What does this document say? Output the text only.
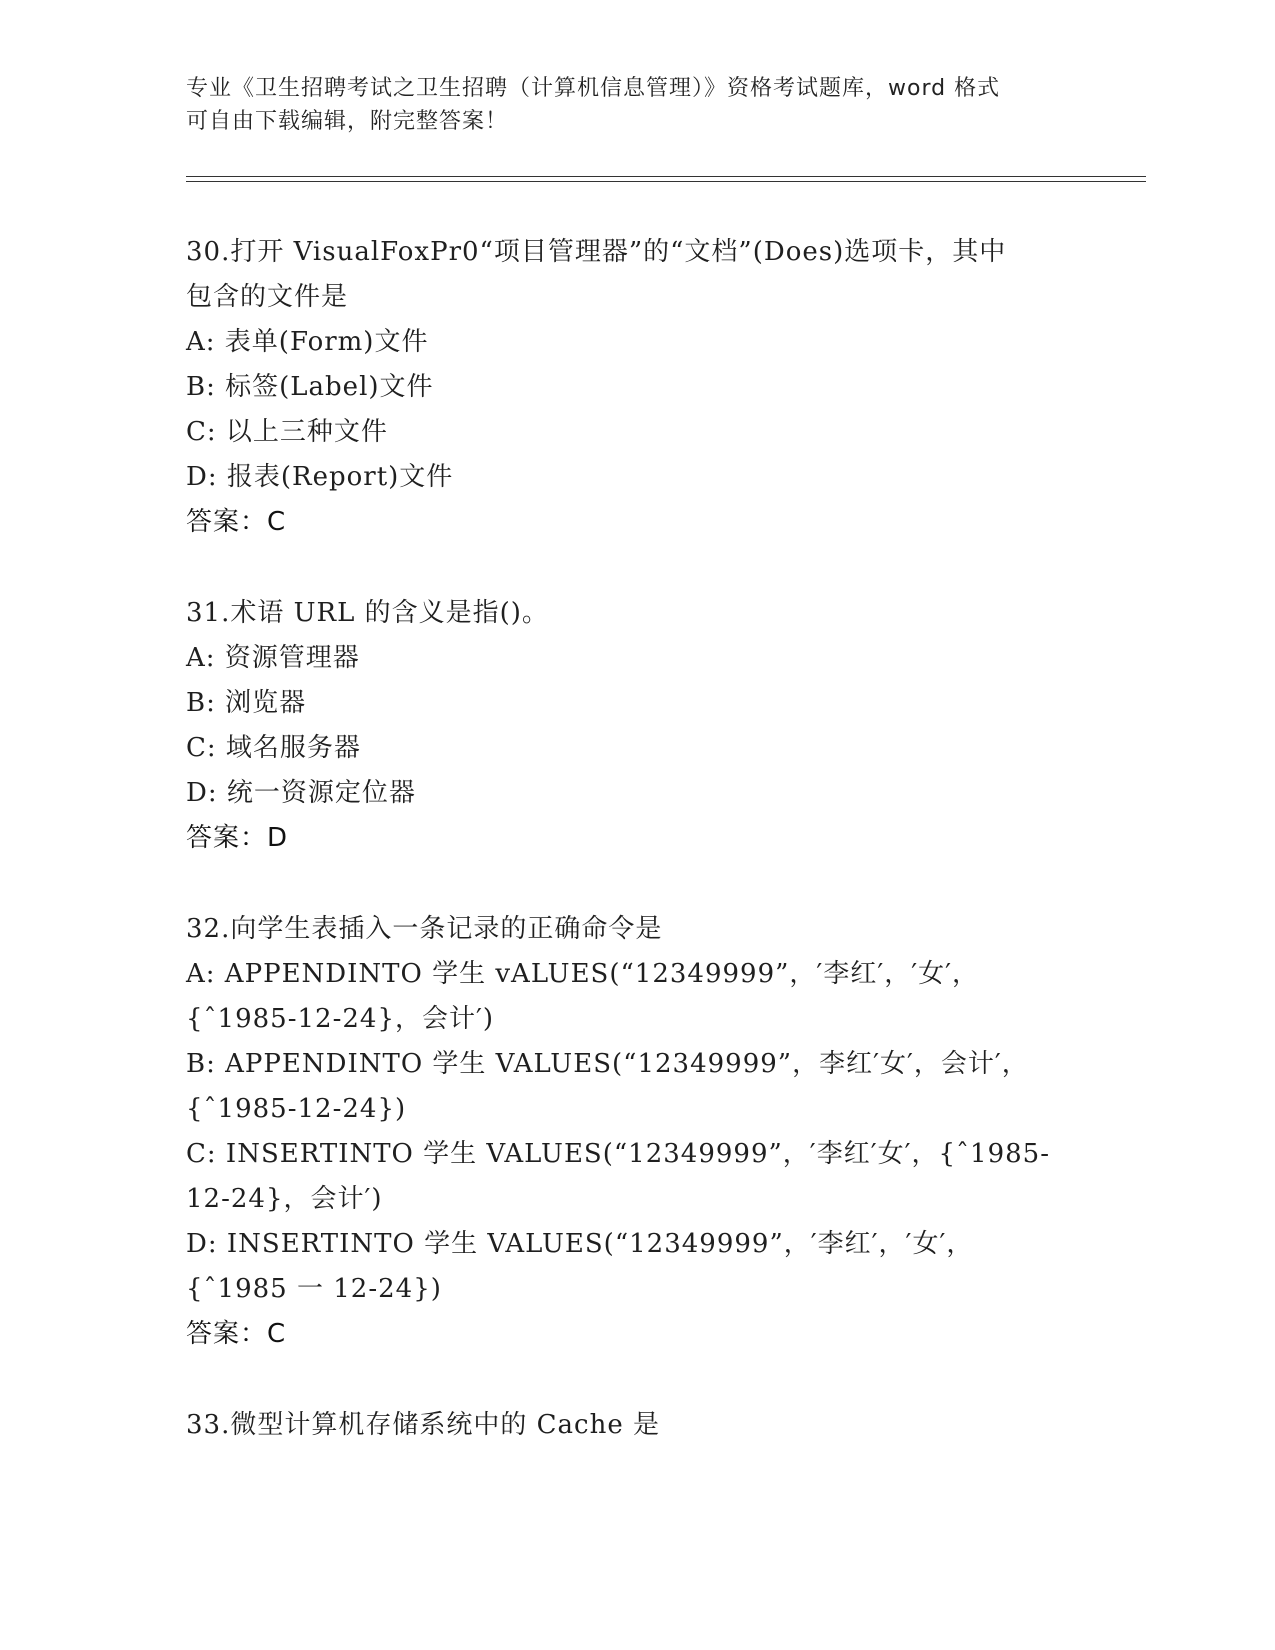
专业《卫生招聘考试之卫生招聘（计算机信息管理）》资格考试题库，word 格式
可自由下载编辑，附完整答案！
30.打开 VisualFoxPr0“项目管理器”的“文档”(Does)选项卡，其中
包含的文件是
A: 表单(Form)文件
B: 标签(Label)文件
C: 以上三种文件
D: 报表(Report)文件
答案：C
31.术语 URL 的含义是指()。
A: 资源管理器
B: 浏览器
C: 域名服务器
D: 统一资源定位器
答案：D
32.向学生表插入一条记录的正确命令是
A: APPENDINTO 学生 vALUES(“12349999”，′李红′，′女′，
{ˆ1985-12-24}，会计′)
B: APPENDINTO 学生 VALUES(“12349999”，李红′女′，会计′，
{ˆ1985-12-24})
C: INSERTINTO 学生 VALUES(“12349999”，′李红′女′，{ˆ1985-
12-24}，会计′)
D: INSERTINTO 学生 VALUES(“12349999”，′李红′，′女′，
{ˆ1985 一 12-24})
答案：C
33.微型计算机存储系统中的 Cache 是
